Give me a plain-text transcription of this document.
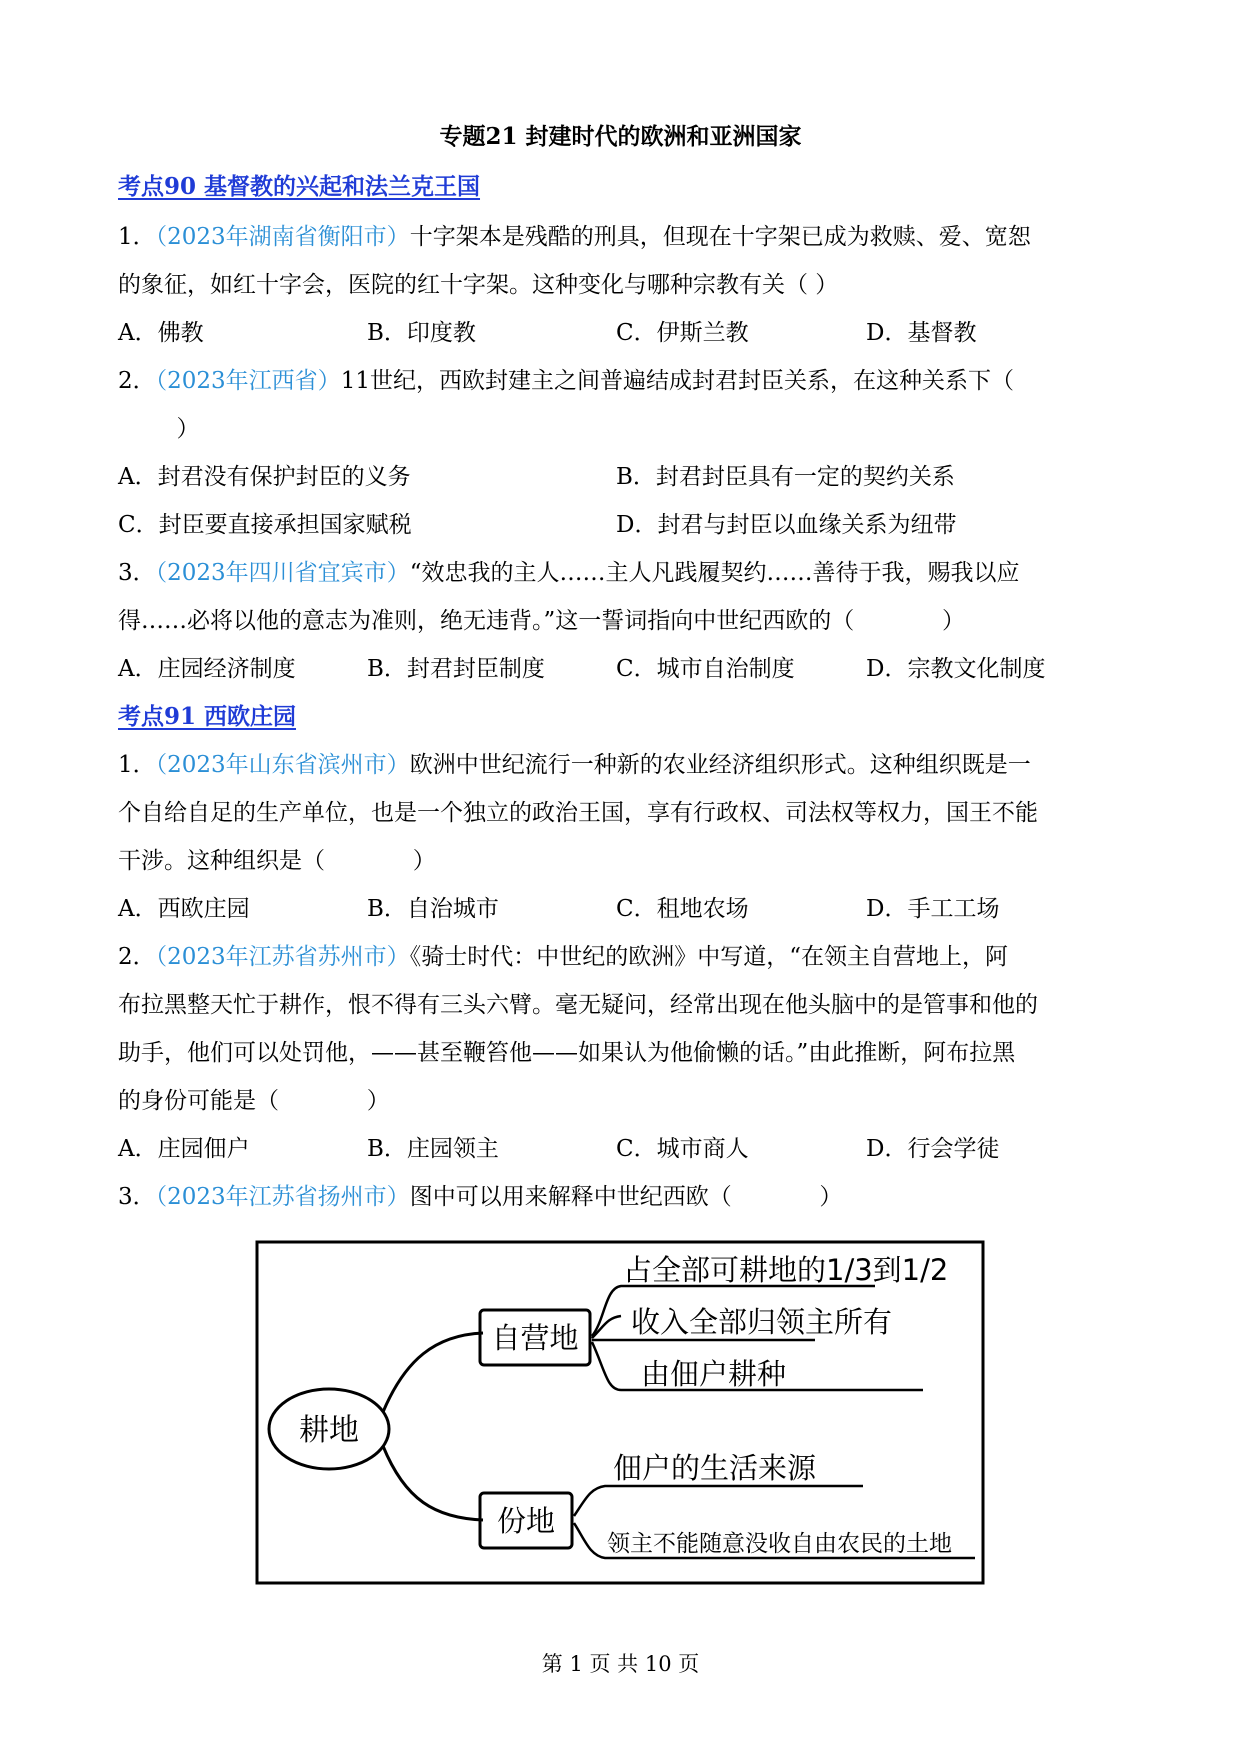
专题21 封建时代的欧洲和亚洲国家
考点90 基督教的兴起和法兰克王国
1．（2023年湖南省衡阳市）十字架本是残酷的刑具，但现在十字架已成为救赎、爱、宽恕
的象征，如红十字会，医院的红十字架。这种变化与哪种宗教有关（ ）
A．佛教	B．印度教	C．伊斯兰教	D．基督教
2．（2023年江西省）11世纪，西欧封建主之间普遍结成封君封臣关系，在这种关系下（
）
A．封君没有保护封臣的义务	B．封君封臣具有一定的契约关系
C．封臣要直接承担国家赋税	D．封君与封臣以血缘关系为纽带
3．（2023年四川省宜宾市）“效忠我的主人……主人凡践履契约……善待于我，赐我以应
得……必将以他的意志为准则，绝无违背。”这一誓词指向中世纪西欧的（            ）
A．庄园经济制度	B．封君封臣制度	C．城市自治制度	D．宗教文化制度
考点91 西欧庄园
1．（2023年山东省滨州市）欧洲中世纪流行一种新的农业经济组织形式。这种组织既是一
个自给自足的生产单位，也是一个独立的政治王国，享有行政权、司法权等权力，国王不能
干涉。这种组织是（            ）
A．西欧庄园	B．自治城市	C．租地农场	D．手工工场
2．（2023年江苏省苏州市）《骑士时代：中世纪的欧洲》中写道，“在领主自营地上，阿
布拉黑整天忙于耕作，恨不得有三头六臂。毫无疑问，经常出现在他头脑中的是管事和他的
助手，他们可以处罚他，——甚至鞭笞他——如果认为他偷懒的话。”由此推断，阿布拉黑
的身份可能是（            ）
A．庄园佃户	B．庄园领主	C．城市商人	D．行会学徒
3．（2023年江苏省扬州市）图中可以用来解释中世纪西欧（            ）
耕地
自营地
份地
占全部可耕地的1/3到1/2
收入全部归领主所有
由佃户耕种
佃户的生活来源
领主不能随意没收自由农民的土地
第 1 页 共 10 页
